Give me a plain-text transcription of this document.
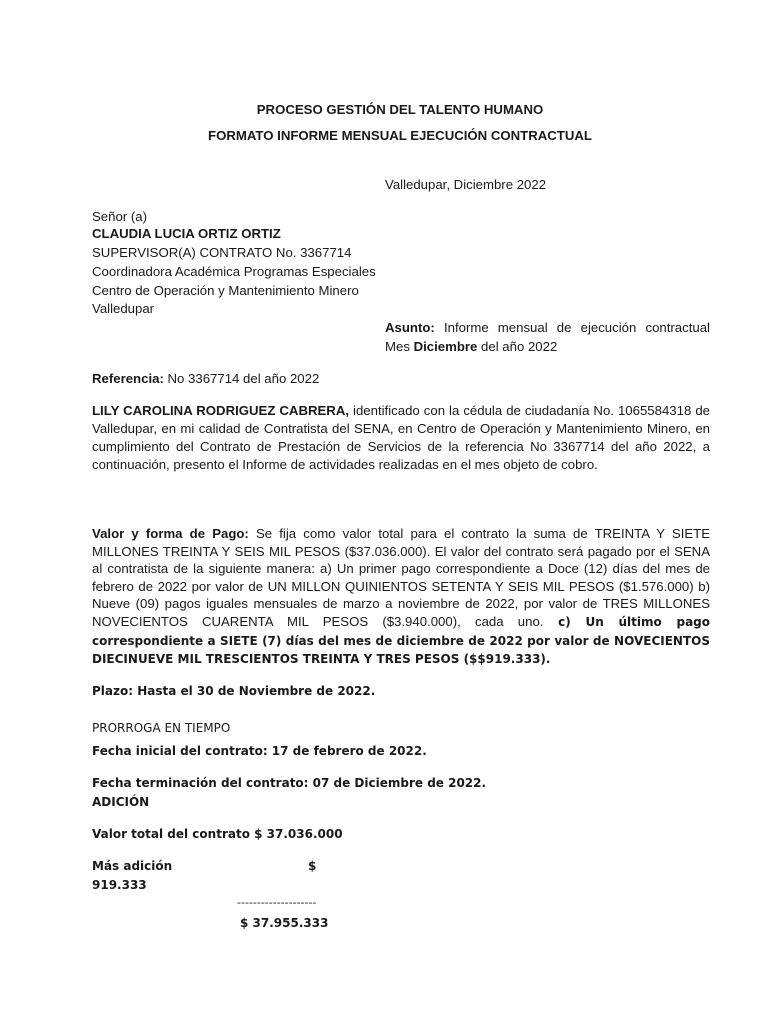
PROCESO GESTIÓN DEL TALENTO HUMANO
FORMATO INFORME MENSUAL EJECUCIÓN CONTRACTUAL
Valledupar, Diciembre 2022
Señor (a)
CLAUDIA LUCIA ORTIZ ORTIZ
SUPERVISOR(A) CONTRATO No. 3367714
Coordinadora Académica Programas Especiales
Centro de Operación y Mantenimiento Minero
Valledupar
Asunto: Informe mensual de ejecución contractual
Mes Diciembre del año 2022
Referencia: No 3367714 del año 2022
LILY CAROLINA RODRIGUEZ CABRERA, identificado con la cédula de ciudadanía No. 1065584318 de Valledupar, en mi calidad de Contratista del SENA, en Centro de Operación y Mantenimiento Minero, en cumplimiento del Contrato de Prestación de Servicios de la referencia No 3367714 del año 2022, a continuación, presento el Informe de actividades realizadas en el mes objeto de cobro.
Valor y forma de Pago: Se fija como valor total para el contrato la suma de TREINTA Y SIETE MILLONES TREINTA Y SEIS MIL PESOS ($37.036.000). El valor del contrato será pagado por el SENA al contratista de la siguiente manera: a) Un primer pago correspondiente a Doce (12) días del mes de febrero de 2022 por valor de UN MILLON QUINIENTOS SETENTA Y SEIS MIL PESOS ($1.576.000) b) Nueve (09) pagos iguales mensuales de marzo a noviembre de 2022, por valor de TRES MILLONES NOVECIENTOS CUARENTA MIL PESOS ($3.940.000), cada uno. c) Un último pago correspondiente a SIETE (7) días del mes de diciembre de 2022 por valor de NOVECIENTOS DIECINUEVE MIL TRESCIENTOS TREINTA Y TRES PESOS ($$919.333).
Plazo: Hasta el 30 de Noviembre de 2022.
PRORROGA EN TIEMPO
Fecha inicial del contrato: 17 de febrero de 2022.
Fecha terminación del contrato: 07 de Diciembre de 2022.
ADICIÓN
Valor total del contrato $ 37.036.000
Más adición	$
919.333
--------------------
$ 37.955.333
